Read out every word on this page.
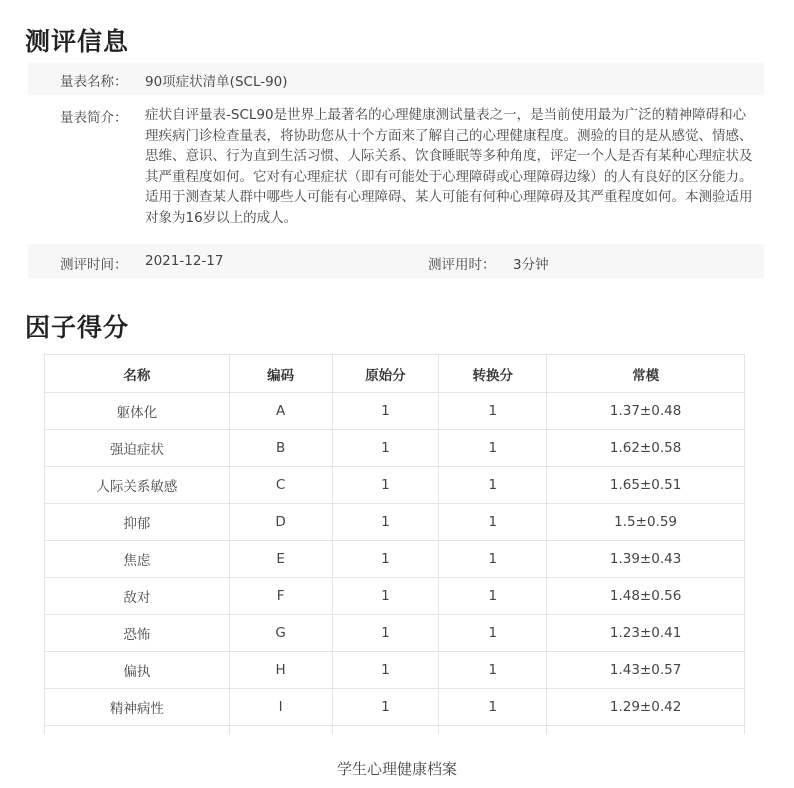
测评信息
量表名称： 90项症状清单(SCL-90)
量表简介： 症状自评量表-SCL90是世界上最著名的心理健康测试量表之一，是当前使用最为广泛的精神障碍和心理疾病门诊检查量表，将协助您从十个方面来了解自己的心理健康程度。测验的目的是从感觉、情感、思维、意识、行为直到生活习惯、人际关系、饮食睡眠等多种角度，评定一个人是否有某种心理症状及其严重程度如何。它对有心理症状（即有可能处于心理障碍或心理障碍边缘）的人有良好的区分能力。适用于测查某人群中哪些人可能有心理障碍、某人可能有何种心理障碍及其严重程度如何。本测验适用对象为16岁以上的成人。
测评时间： 2021-12-17	测评用时： 3分钟
因子得分
名称	编码	原始分	转换分	常模
躯体化	A	1	1	1.37±0.48
强迫症状	B	1	1	1.62±0.58
人际关系敏感	C	1	1	1.65±0.51
抑郁	D	1	1	1.5±0.59
焦虑	E	1	1	1.39±0.43
敌对	F	1	1	1.48±0.56
恐怖	G	1	1	1.23±0.41
偏执	H	1	1	1.43±0.57
精神病性	I	1	1	1.29±0.42

学生心理健康档案
